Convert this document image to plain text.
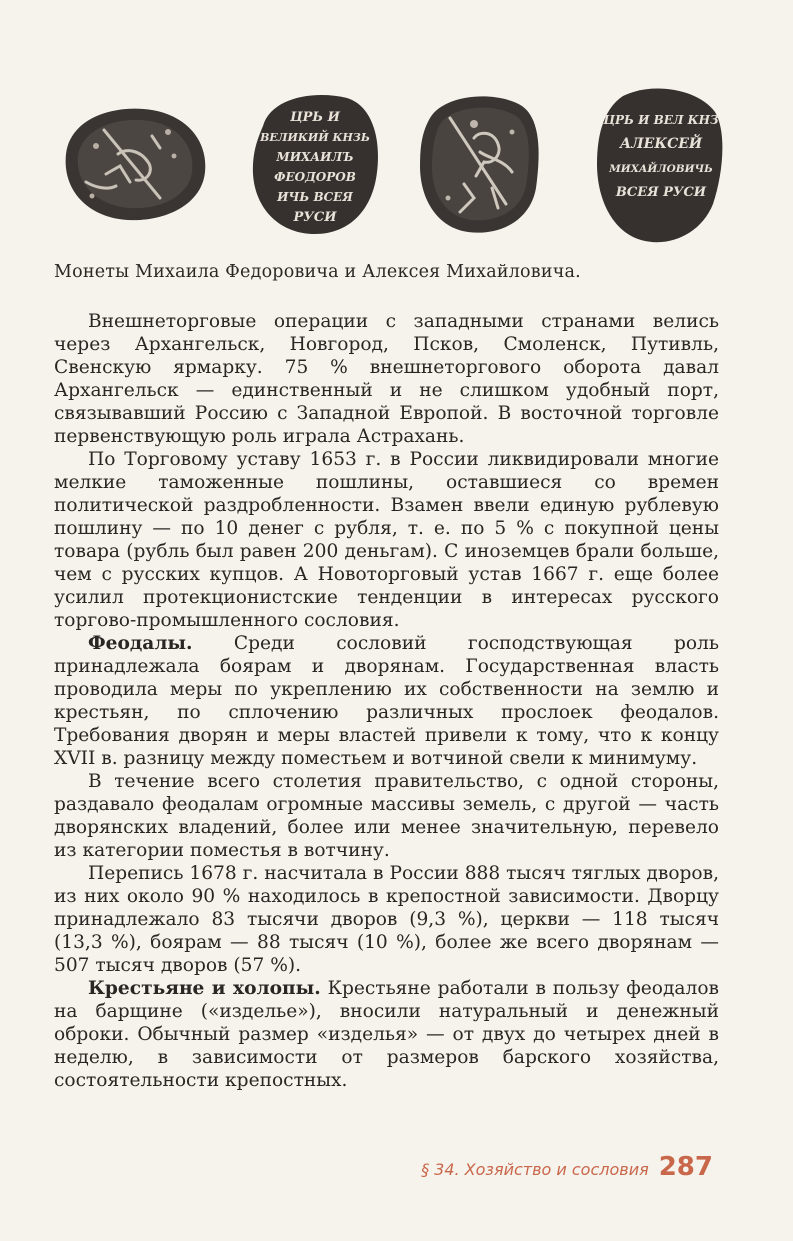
ЦРЬ И
ВЕЛИКИЙ КНЗЬ
МИХАИЛЪ
ФЕОДОРОВ
ИЧЬ ВСЕЯ
РУСИ
ЦРЬ И ВЕЛ КНЗ
АЛЕКСЕЙ
МИХАЙЛОВИЧЬ
ВСЕЯ РУСИ
Монеты Михаила Федоровича и Алексея Михайловича.

Внешнеторговые операции с западными странами велись через Архангельск, Новгород, Псков, Смоленск, Путивль, Свенскую ярмарку. 75 % внешнеторгового оборота давал Архангельск — единственный и не слишком удобный порт, связывавший Россию с Западной Европой. В восточной торговле первенствующую роль играла Астрахань.

По Торговому уставу 1653 г. в России ликвидировали многие мелкие таможенные пошлины, оставшиеся со времен политической раздробленности. Взамен ввели единую рублевую пошлину — по 10 денег с рубля, т. е. по 5 % с покупной цены товара (рубль был равен 200 деньгам). С иноземцев брали больше, чем с русских купцов. А Новоторговый устав 1667 г. еще более усилил протекционистские тенденции в интересах русского торгово-промышленного сословия.

Феодалы. Среди сословий господствующая роль принадлежала боярам и дворянам. Государственная власть проводила меры по укреплению их собственности на землю и крестьян, по сплочению различных прослоек феодалов. Требования дворян и меры властей привели к тому, что к концу XVII в. разницу между поместьем и вотчиной свели к минимуму.

В течение всего столетия правительство, с одной стороны, раздавало феодалам огромные массивы земель, с другой — часть дворянских владений, более или менее значительную, перевело из категории поместья в вотчину.

Перепись 1678 г. насчитала в России 888 тысяч тяглых дворов, из них около 90 % находилось в крепостной зависимости. Дворцу принадлежало 83 тысячи дворов (9,3 %), церкви — 118 тысяч (13,3 %), боярам — 88 тысяч (10 %), более же всего дворянам — 507 тысяч дворов (57 %).

Крестьяне и холопы. Крестьяне работали в пользу феодалов на барщине («изделье»), вносили натуральный и денежный оброки. Обычный размер «изделья» — от двух до четырех дней в неделю, в зависимости от размеров барского хозяйства, состоятельности крепостных.

§ 34. Хозяйство и сословия 287
